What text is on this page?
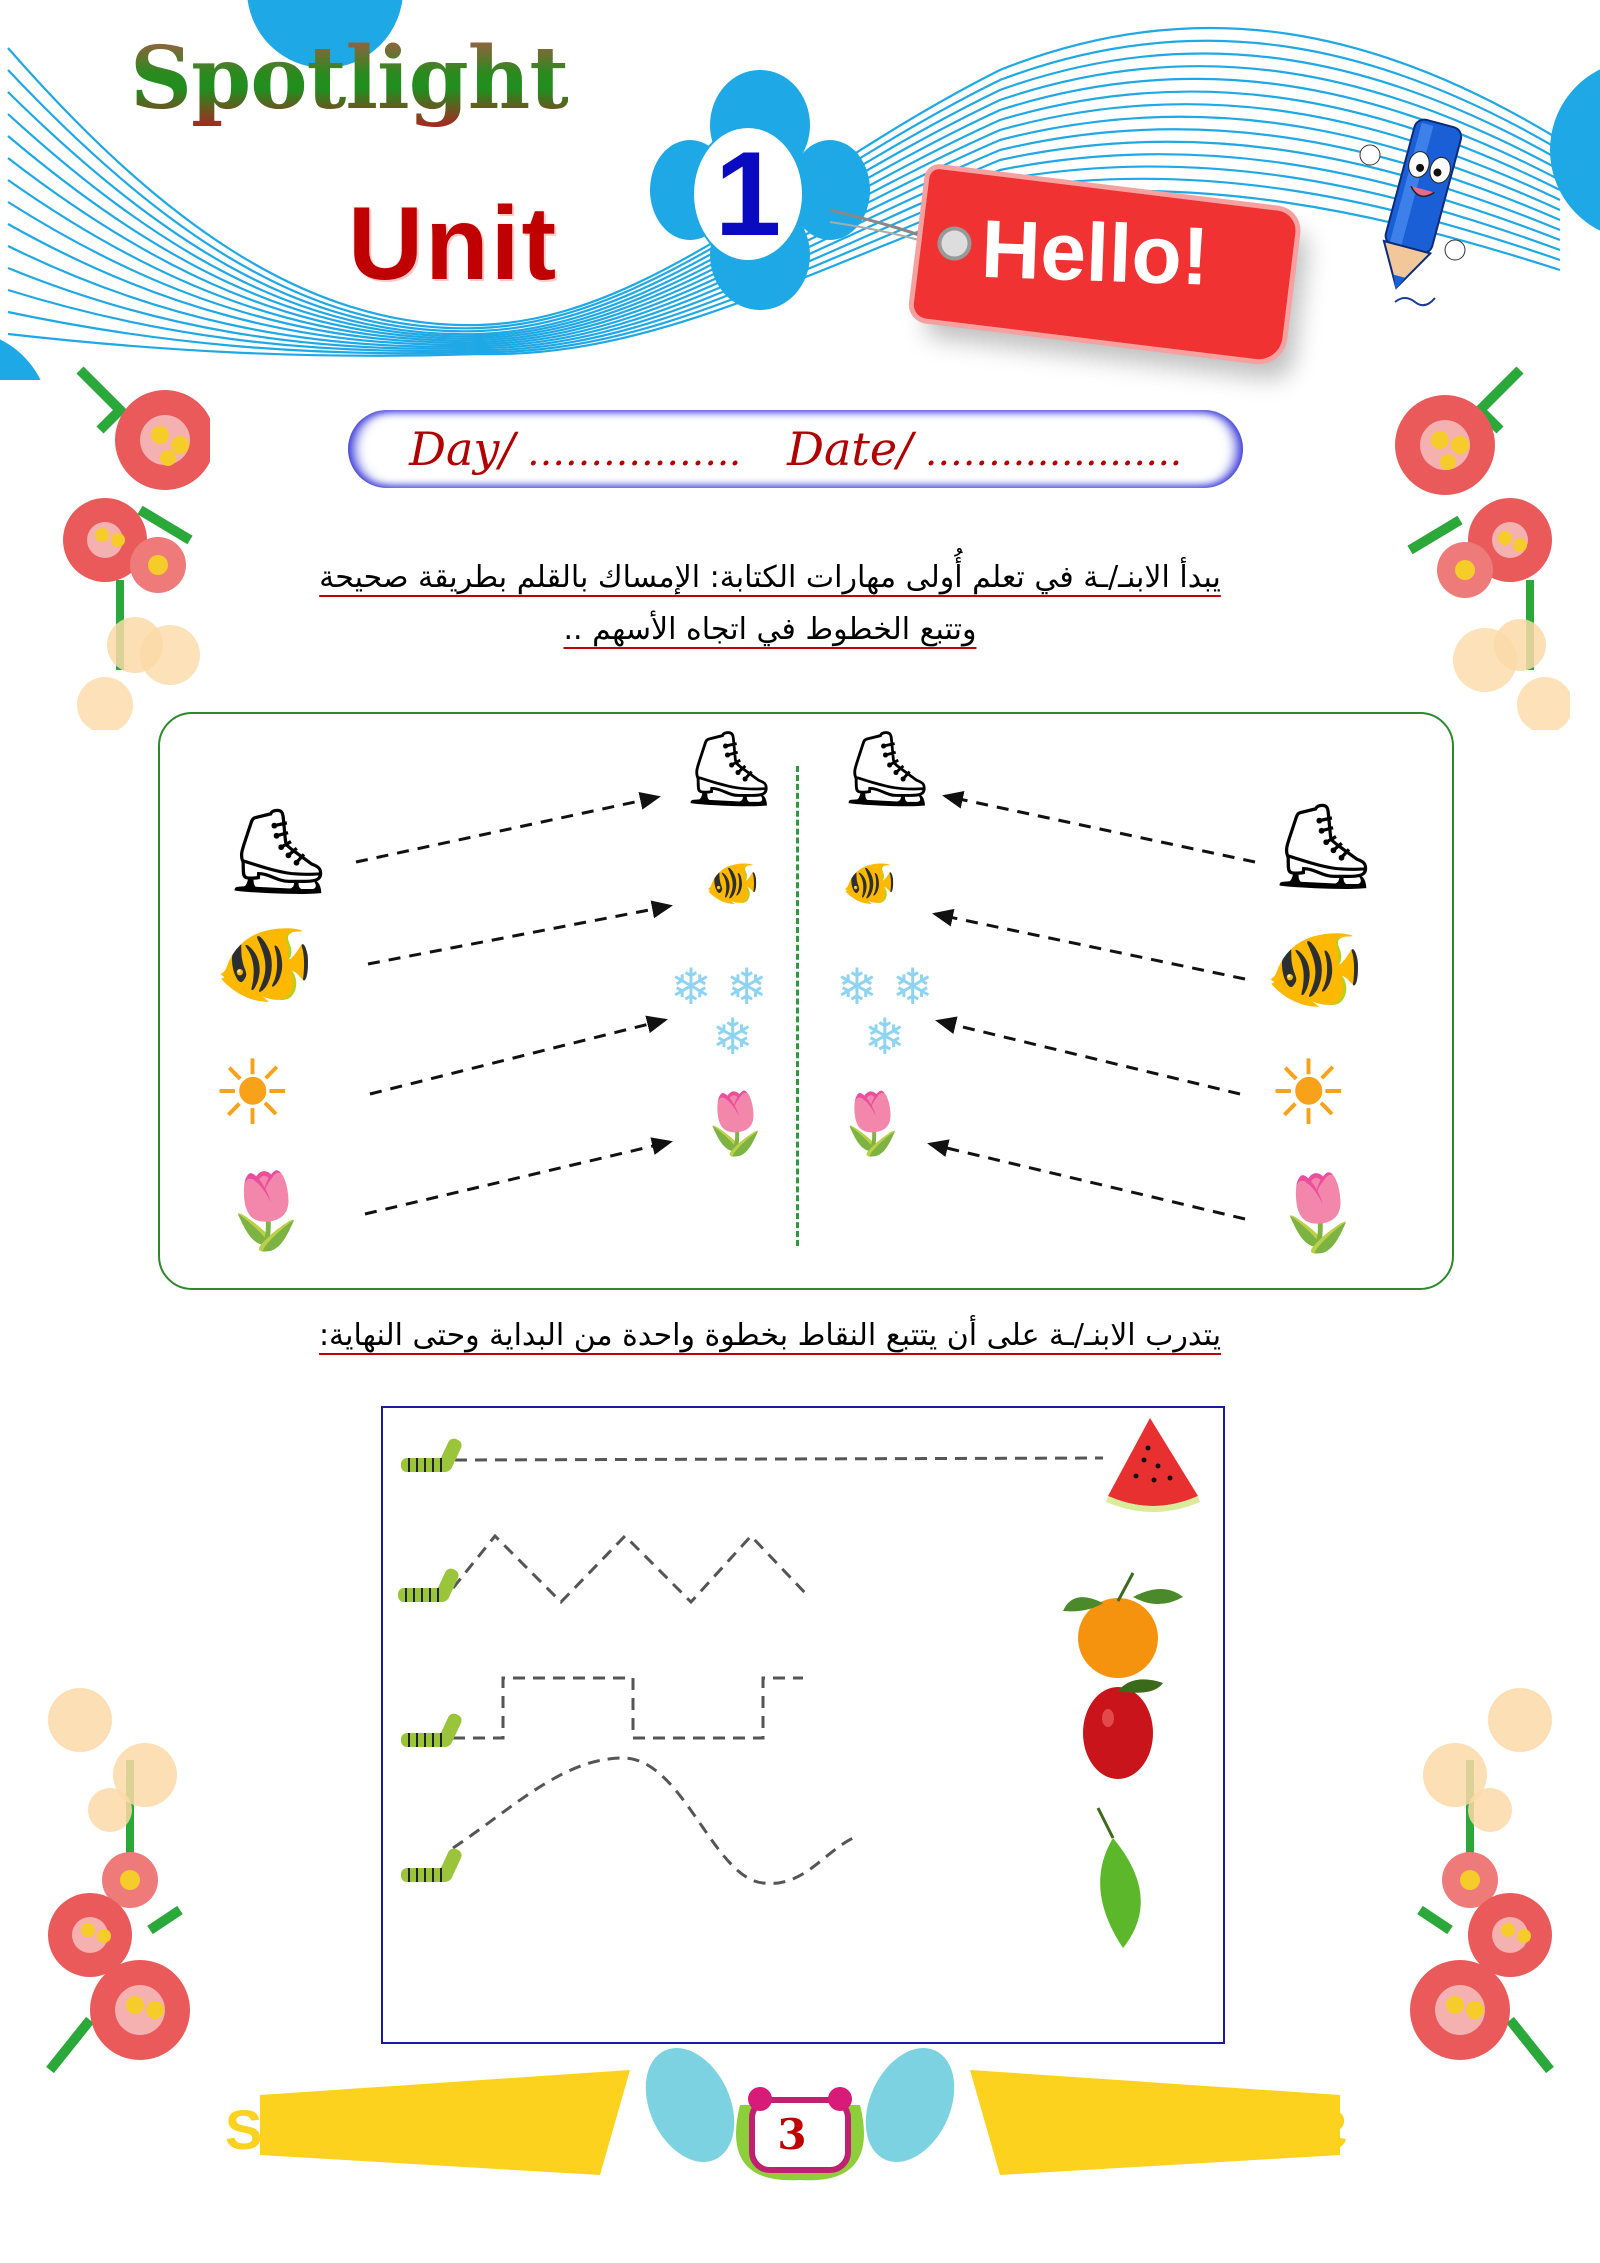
Spotlight
Unit 1 Hello!
Day/ …………….. Date/ ……...............
يبدأ الابنـ/ـة في تعلم أُولى مهارات الكتابة: الإمساك بالقلم بطريقة صحيحة
وتتبع الخطوط في اتجاه الأسهم ..
⛸
🐠
☀
🌷
⛸
🐠
❄ ❄
❄
🌷
⛸
🐠
❄ ❄
❄
🌷
⛸
🐠
☀
🌷
يتدرب الابنـ/ـة على أن يتتبع النقاط بخطوة واحدة من البداية وحتى النهاية:
SPOTLIGHT	SPOTLIGHT
3
